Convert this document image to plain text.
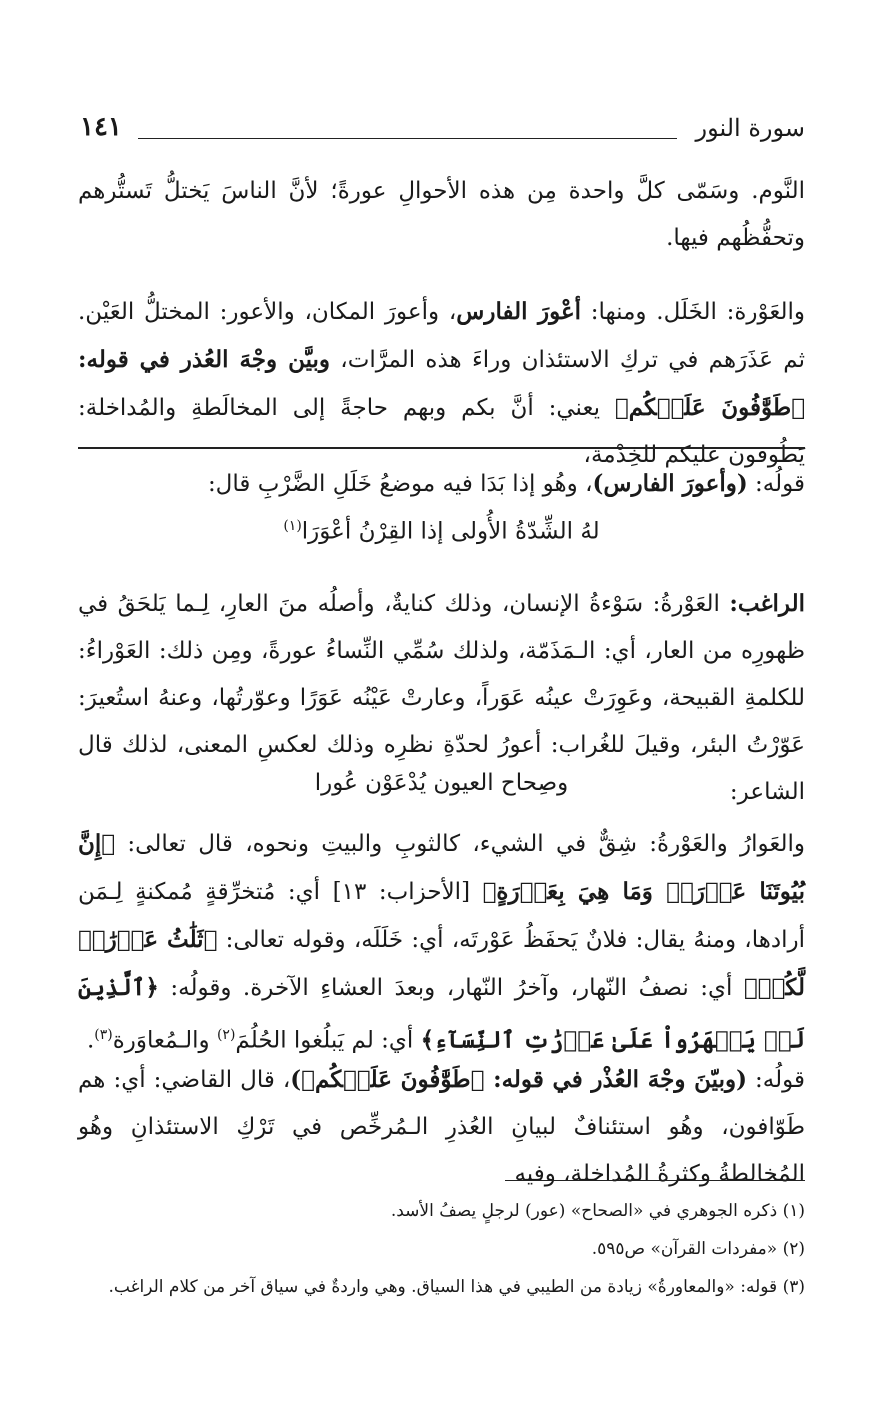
سورة النور
١٤١
النَّوم. وسَمّى كلَّ واحدة مِن هذه الأحوالِ عورةً؛ لأنَّ الناسَ يَختلُّ تَستُّرهم وتحفُّظُهم فيها.
والعَوْرة: الخَلَل. ومنها: أعْورَ الفارس، وأعورَ المكان، والأعور: المختلُّ العَيْن. ثم عَذَرَهم في تركِ الاستئذان وراءَ هذه المرَّات، وبيَّن وجْهَ العُذر في قوله: ﴿طَوَّٰفُونَ عَلَيۡكُم﴾ يعني: أنَّ بكم وبهم حاجةً إلى المخالَطةِ والمُداخلة: يَطُوفون عليكم للخِدْمة،
قولُه: (وأعورَ الفارس)، وهُو إذا بَدَا فيه موضعُ خَلَلِ الضَّرْبِ قال:
لهُ الشِّدّةُ الأُولى إذا القِرْنُ أعْوَرَا$^{(١)}$
الراغب: العَوْرةُ: سَوْءةُ الإنسان، وذلك كنايةٌ، وأصلُه منَ العارِ، لِـما يَلحَقُ في ظهورِه من العار، أي: الـمَذَمّة، ولذلك سُمِّي النِّساءُ عورةً، ومِن ذلك: العَوْراءُ: للكلمةِ القبيحة، وعَوِرَتْ عينُه عَوَراً، وعارتْ عَيْنُه عَوَرًا وعوّرتُها، وعنهُ استُعيرَ: عَوّرْتُ البئر، وقيلَ للغُراب: أعورُ لحدّةِ نظرِه وذلك لعكسِ المعنى، لذلك قال الشاعر:
وصِحاح العيون يُدْعَوْن عُورا
والعَوارُ والعَوْرةُ: شِقٌّ في الشيء، كالثوبِ والبيتِ ونحوه، قال تعالى: ﴿إِنَّ بُيُوتَنَا عَوۡرَةٞ وَمَا هِيَ بِعَوۡرَةٍ﴾ [الأحزاب: ١٣] أي: مُتخرِّقةٍ مُمكنةٍ لِـمَن أرادها، ومنهُ يقال: فلانٌ يَحفَظُ عَوْرتَه، أي: خَلَلَه، وقوله تعالى: ﴿ثَلَٰثُ عَوۡرَٰتٖ لَّكُمۡ﴾ أي: نصفُ النّهار، وآخرُ النّهار، وبعدَ العشاءِ الآخرة. وقولُه: ﴿ٱلَّذِينَ لَمۡ يَظۡهَرُواْ عَلَىٰ عَوۡرَٰتِ ٱلنِّسَآءِ﴾ أي: لم يَبلُغوا الحُلُمَ$^{(٢)}$ والـمُعاوَرة$^{(٣)}$.
قولُه: (وبيّنَ وجْهَ العُذْر في قوله: ﴿طَوَّٰفُونَ عَلَيۡكُم﴾)، قال القاضي: أي: هم طَوّافون، وهُو استئنافٌ لبيانِ العُذرِ الـمُرخِّص في تَرْكِ الاستئذانِ وهُو المُخالطةُ وكثرةُ المُداخلة، وفيه
(١) ذكره الجوهري في «الصحاح» (عور) لرجلٍ يصفُ الأسد.
(٢) «مفردات القرآن» ص٥٩٥.
(٣) قوله: «والمعاورةُ» زيادة من الطيبي في هذا السياق. وهي واردةٌ في سياق آخر من كلام الراغب.
